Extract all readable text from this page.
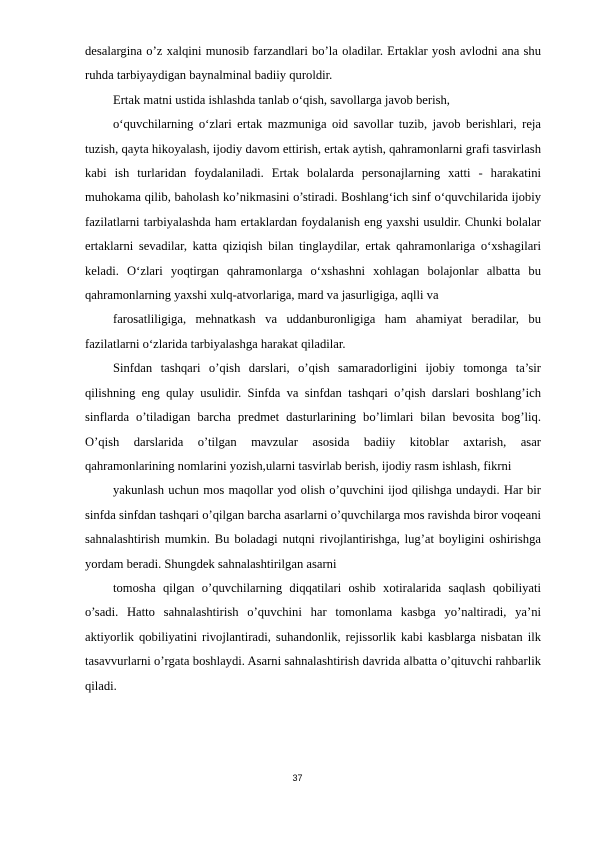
desalargina o’z xalqini munosib farzandlari bo’la oladilar. Ertaklar yosh avlodni ana shu ruhda tarbiyaydigan baynalminal badiiy quroldir.

Ertak matni ustida ishlashda tanlab o‘qish, savollarga javob berish,

o‘quvchilarning o‘zlari ertak mazmuniga oid savollar tuzib, javob berishlari, reja tuzish, qayta hikoyalash, ijodiy davom ettirish, ertak aytish, qahramonlarni grafi tasvirlash kabi ish turlaridan foydalaniladi. Ertak bolalarda personajlarning xatti - harakatini muhokama qilib, baholash ko’nikmasini o’stiradi. Boshlang‘ich sinf o‘quvchilarida ijobiy fazilatlarni tarbiyalashda ham ertaklardan foydalanish eng yaxshi usuldir. Chunki bolalar ertaklarni sevadilar, katta qiziqish bilan tinglaydilar, ertak qahramonlariga o‘xshagilari keladi. O‘zlari yoqtirgan qahramonlarga o‘xshashni xohlagan bolajonlar albatta bu qahramonlarning yaxshi xulq-atvorlariga, mard va jasurligiga, aqlli va

farosatliligiga, mehnatkash va uddanburonligiga ham ahamiyat beradilar, bu fazilatlarni o‘zlarida tarbiyalashga harakat qiladilar.

Sinfdan tashqari o’qish darslari, o’qish samaradorligini ijobiy tomonga ta’sir qilishning eng qulay usulidir. Sinfda va sinfdan tashqari o’qish darslari boshlang’ich sinflarda o’tiladigan barcha predmet dasturlarining bo’limlari bilan bevosita bog’liq. O’qish darslarida o’tilgan mavzular asosida badiiy kitoblar axtarish, asar qahramonlarining nomlarini yozish,ularni tasvirlab berish, ijodiy rasm ishlash, fikrni

yakunlash uchun mos maqollar yod olish o’quvchini ijod qilishga undaydi. Har bir sinfda sinfdan tashqari o’qilgan barcha asarlarni o’quvchilarga mos ravishda biror voqeani sahnalashtirish mumkin. Bu boladagi nutqni rivojlantirishga, lug’at boyligini oshirishga yordam beradi. Shungdek sahnalashtirilgan asarni

tomosha qilgan o’quvchilarning diqqatilari oshib xotiralarida saqlash qobiliyati o’sadi. Hatto sahnalashtirish o’quvchini har tomonlama kasbga yo’naltiradi, ya’ni aktiyorlik qobiliyatini rivojlantiradi, suhandonlik, rejissorlik kabi kasblarga nisbatan ilk tasavvurlarni o’rgata boshlaydi. Asarni sahnalashtirish davrida albatta o’qituvchi rahbarlik qiladi.

37
